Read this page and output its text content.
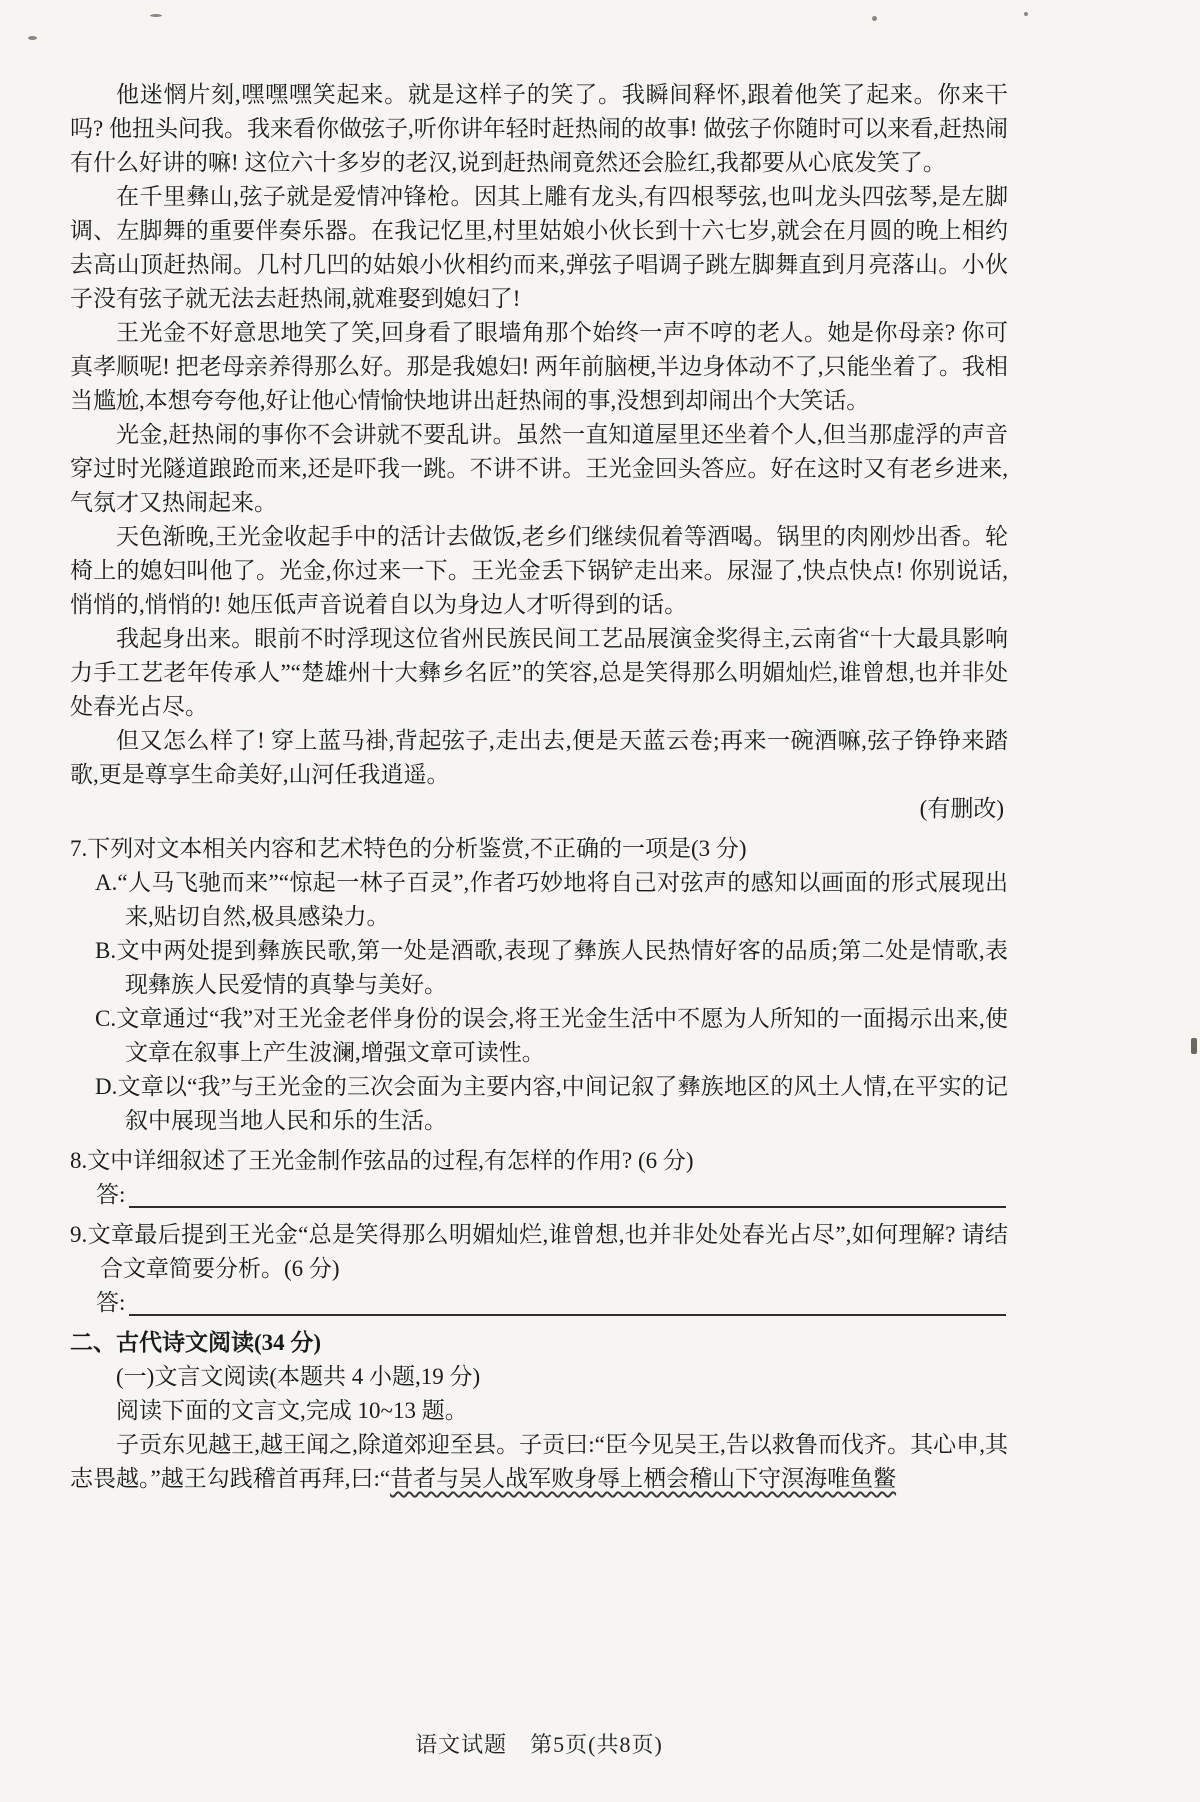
他迷惘片刻,嘿嘿嘿笑起来。就是这样子的笑了。我瞬间释怀,跟着他笑了起来。你来干吗? 他扭头问我。我来看你做弦子,听你讲年轻时赶热闹的故事! 做弦子你随时可以来看,赶热闹有什么好讲的嘛! 这位六十多岁的老汉,说到赶热闹竟然还会脸红,我都要从心底发笑了。

在千里彝山,弦子就是爱情冲锋枪。因其上雕有龙头,有四根琴弦,也叫龙头四弦琴,是左脚调、左脚舞的重要伴奏乐器。在我记忆里,村里姑娘小伙长到十六七岁,就会在月圆的晚上相约去高山顶赶热闹。几村几凹的姑娘小伙相约而来,弹弦子唱调子跳左脚舞直到月亮落山。小伙子没有弦子就无法去赶热闹,就难娶到媳妇了!

王光金不好意思地笑了笑,回身看了眼墙角那个始终一声不哼的老人。她是你母亲? 你可真孝顺呢! 把老母亲养得那么好。那是我媳妇! 两年前脑梗,半边身体动不了,只能坐着了。我相当尴尬,本想夸夸他,好让他心情愉快地讲出赶热闹的事,没想到却闹出个大笑话。

光金,赶热闹的事你不会讲就不要乱讲。虽然一直知道屋里还坐着个人,但当那虚浮的声音穿过时光隧道踉跄而来,还是吓我一跳。不讲不讲。王光金回头答应。好在这时又有老乡进来,气氛才又热闹起来。

天色渐晚,王光金收起手中的活计去做饭,老乡们继续侃着等酒喝。锅里的肉刚炒出香。轮椅上的媳妇叫他了。光金,你过来一下。王光金丢下锅铲走出来。尿湿了,快点快点! 你别说话,悄悄的,悄悄的! 她压低声音说着自以为身边人才听得到的话。

我起身出来。眼前不时浮现这位省州民族民间工艺品展演金奖得主,云南省“十大最具影响力手工艺老年传承人”“楚雄州十大彝乡名匠”的笑容,总是笑得那么明媚灿烂,谁曾想,也并非处处春光占尽。

但又怎么样了! 穿上蓝马褂,背起弦子,走出去,便是天蓝云卷;再来一碗酒嘛,弦子铮铮来踏歌,更是尊享生命美好,山河任我逍遥。

(有删改)

7.下列对文本相关内容和艺术特色的分析鉴赏,不正确的一项是(3 分)

A.“人马飞驰而来”“惊起一林子百灵”,作者巧妙地将自己对弦声的感知以画面的形式展现出来,贴切自然,极具感染力。

B.文中两处提到彝族民歌,第一处是酒歌,表现了彝族人民热情好客的品质;第二处是情歌,表现彝族人民爱情的真挚与美好。

C.文章通过“我”对王光金老伴身份的误会,将王光金生活中不愿为人所知的一面揭示出来,使文章在叙事上产生波澜,增强文章可读性。

D.文章以“我”与王光金的三次会面为主要内容,中间记叙了彝族地区的风土人情,在平实的记叙中展现当地人民和乐的生活。

8.文中详细叙述了王光金制作弦品的过程,有怎样的作用? (6 分)

答:

9.文章最后提到王光金“总是笑得那么明媚灿烂,谁曾想,也并非处处春光占尽”,如何理解? 请结合文章简要分析。(6 分)

答:

二、古代诗文阅读(34 分)

(一)文言文阅读(本题共 4 小题,19 分)

阅读下面的文言文,完成 10~13 题。

子贡东见越王,越王闻之,除道郊迎至县。子贡曰:“臣今见吴王,告以救鲁而伐齐。其心申,其志畏越。”越王勾践稽首再拜,曰:“昔者与吴人战军败身辱上栖会稽山下守溟海唯鱼鳖

语文试题　第5页(共8页)
